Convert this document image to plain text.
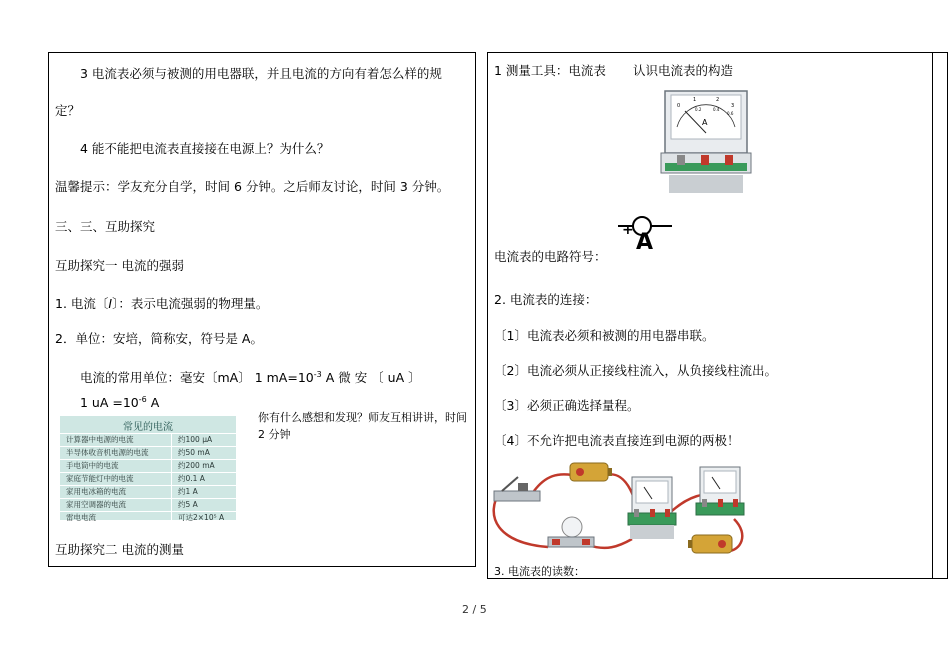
3 电流表必须与被测的用电器联，并且电流的方向有着怎么样的规
定？
4 能不能把电流表直接接在电源上？为什么？
温馨提示：学友充分自学，时间 6 分钟。之后师友讨论，时间 3 分钟。
三、三、互助探究
互助探究一 电流的强弱
1. 电流〔I〕：表示电流强弱的物理量。
2．单位：安培，简称安，符号是 A。
电流的常用单位：毫安〔mA〕 1 $mA=10^{-3}$ A 微 安 〔 uA 〕
1 uA $=10^{-6}$ A
常见的电流
计算器中电源的电流	约100 μA
半导体收音机电源的电流	约50 mA
手电筒中的电流	约200 mA
家庭节能灯中的电流	约0.1 A
家用电冰箱的电流	约1 A
家用空调器的电流	约5 A
雷电电流	可达2×10⁵ A
你有什么感想和发现？师友互相讲讲，时间
2 分钟
互助探究二 电流的测量
1 测量工具：电流表 认识电流表的构造
0
1	2
3
0.2	0.4
0.6
A
+ A
电流表的电路符号：
2. 电流表的连接：
〔1〕电流表必须和被测的用电器串联。
〔2〕电流必须从正接线柱流入，从负接线柱流出。
〔3〕必须正确选择量程。
〔4〕不允许把电流表直接连到电源的两极！
3. 电流表的读数：
2 / 5
